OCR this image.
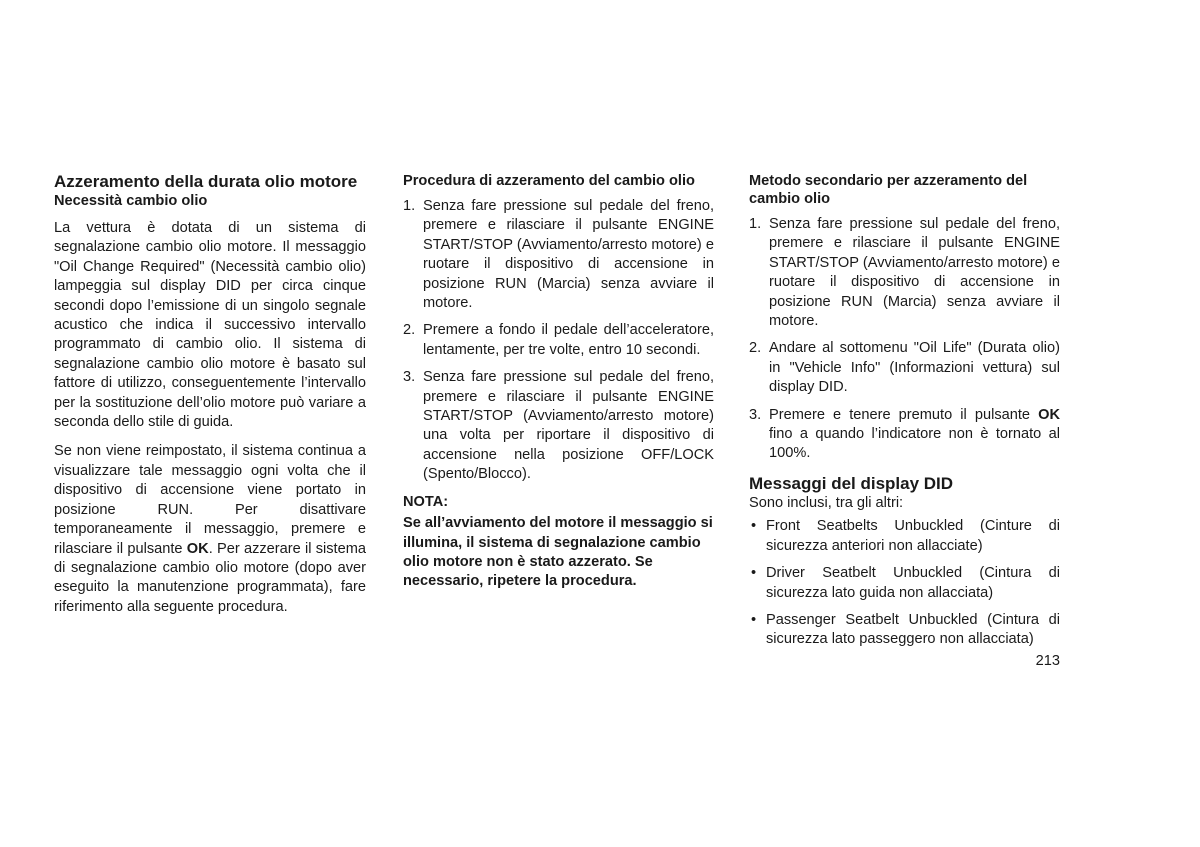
Azzeramento della durata olio motore
Necessità cambio olio

La vettura è dotata di un sistema di segnalazione cambio olio motore. Il messaggio "Oil Change Required" (Necessità cambio olio) lampeggia sul display DID per circa cinque secondi dopo l’emissione di un singolo segnale acustico che indica il successivo intervallo programmato di cambio olio. Il sistema di segnalazione cambio olio motore è basato sul fattore di utilizzo, conseguentemente l’intervallo per la sostituzione dell’olio motore può variare a seconda dello stile di guida.

Se non viene reimpostato, il sistema continua a visualizzare tale messaggio ogni volta che il dispositivo di accensione viene portato in posizione RUN. Per disattivare temporaneamente il messaggio, premere e rilasciare il pulsante OK. Per azzerare il sistema di segnalazione cambio olio motore (dopo aver eseguito la manutenzione programmata), fare riferimento alla seguente procedura.

Procedura di azzeramento del cambio olio
1. Senza fare pressione sul pedale del freno, premere e rilasciare il pulsante ENGINE START/STOP (Avviamento/arresto motore) e ruotare il dispositivo di accensione in posizione RUN (Marcia) senza avviare il motore.
2. Premere a fondo il pedale dell’acceleratore, lentamente, per tre volte, entro 10 secondi.
3. Senza fare pressione sul pedale del freno, premere e rilasciare il pulsante ENGINE START/STOP (Avviamento/arresto motore) una volta per riportare il dispositivo di accensione nella posizione OFF/LOCK (Spento/Blocco).
NOTA:

Se all’avviamento del motore il messaggio si illumina, il sistema di segnalazione cambio olio motore non è stato azzerato. Se necessario, ripetere la procedura.

Metodo secondario per azzeramento del cambio olio
1. Senza fare pressione sul pedale del freno, premere e rilasciare il pulsante ENGINE START/STOP (Avviamento/arresto motore) e ruotare il dispositivo di accensione in posizione RUN (Marcia) senza avviare il motore.
2. Andare al sottomenu "Oil Life" (Durata olio) in "Vehicle Info" (Informazioni vettura) sul display DID.
3. Premere e tenere premuto il pulsante OK fino a quando l’indicatore non è tornato al 100%.
Messaggi del display DID

Sono inclusi, tra gli altri:

• Front Seatbelts Unbuckled (Cinture di sicurezza anteriori non allacciate)
• Driver Seatbelt Unbuckled (Cintura di sicurezza lato guida non allacciata)
• Passenger Seatbelt Unbuckled (Cintura di sicurezza lato passeggero non allacciata)
213
